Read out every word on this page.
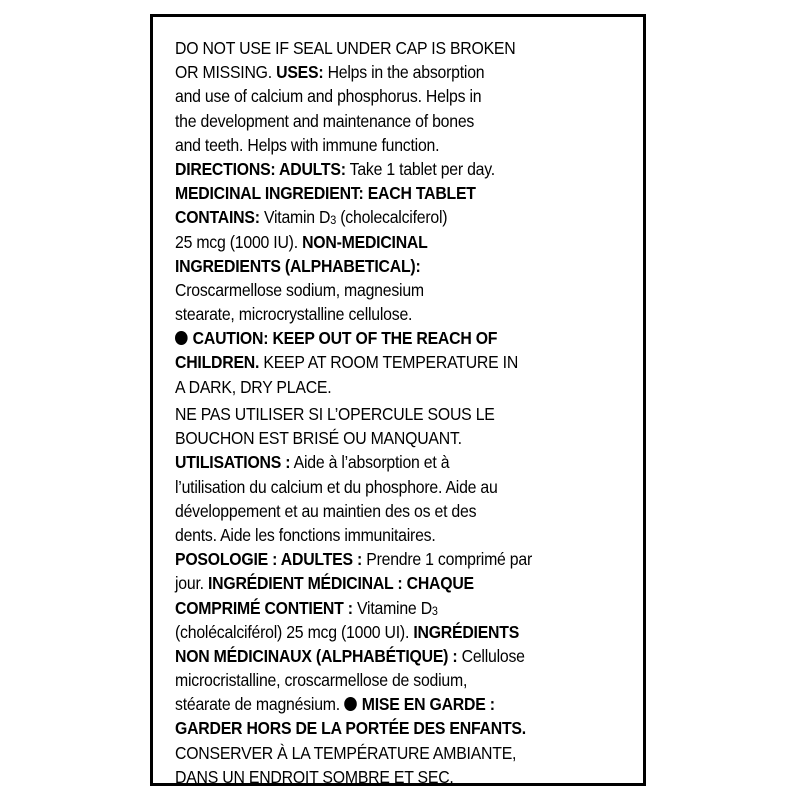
DO NOT USE IF SEAL UNDER CAP IS BROKEN
OR MISSING. USES: Helps in the absorption
and use of calcium and phosphorus. Helps in
the development and maintenance of bones
and teeth. Helps with immune function.
DIRECTIONS: ADULTS: Take 1 tablet per day.
MEDICINAL INGREDIENT: EACH TABLET
CONTAINS: Vitamin $D_3$ (cholecalciferol)
25 mcg (1000 IU). NON-MEDICINAL
INGREDIENTS (ALPHABETICAL):
Croscarmellose sodium, magnesium
stearate, microcrystalline cellulose.
CAUTION: KEEP OUT OF THE REACH OF
CHILDREN. KEEP AT ROOM TEMPERATURE IN
A DARK, DRY PLACE.
NE PAS UTILISER SI L’OPERCULE SOUS LE
BOUCHON EST BRISÉ OU MANQUANT.
UTILISATIONS : Aide à l’absorption et à
l’utilisation du calcium et du phosphore. Aide au
développement et au maintien des os et des
dents. Aide les fonctions immunitaires.
POSOLOGIE : ADULTES : Prendre 1 comprimé par
jour. INGRÉDIENT MÉDICINAL : CHAQUE
COMPRIMÉ CONTIENT : Vitamine $D_3$
(cholécalciférol) 25 mcg (1000 UI). INGRÉDIENTS
NON MÉDICINAUX (ALPHABÉTIQUE) : Cellulose
microcristalline, croscarmellose de sodium,
stéarate de magnésium.  MISE EN GARDE :
GARDER HORS DE LA PORTÉE DES ENFANTS.
CONSERVER À LA TEMPÉRATURE AMBIANTE,
DANS UN ENDROIT SOMBRE ET SEC.
